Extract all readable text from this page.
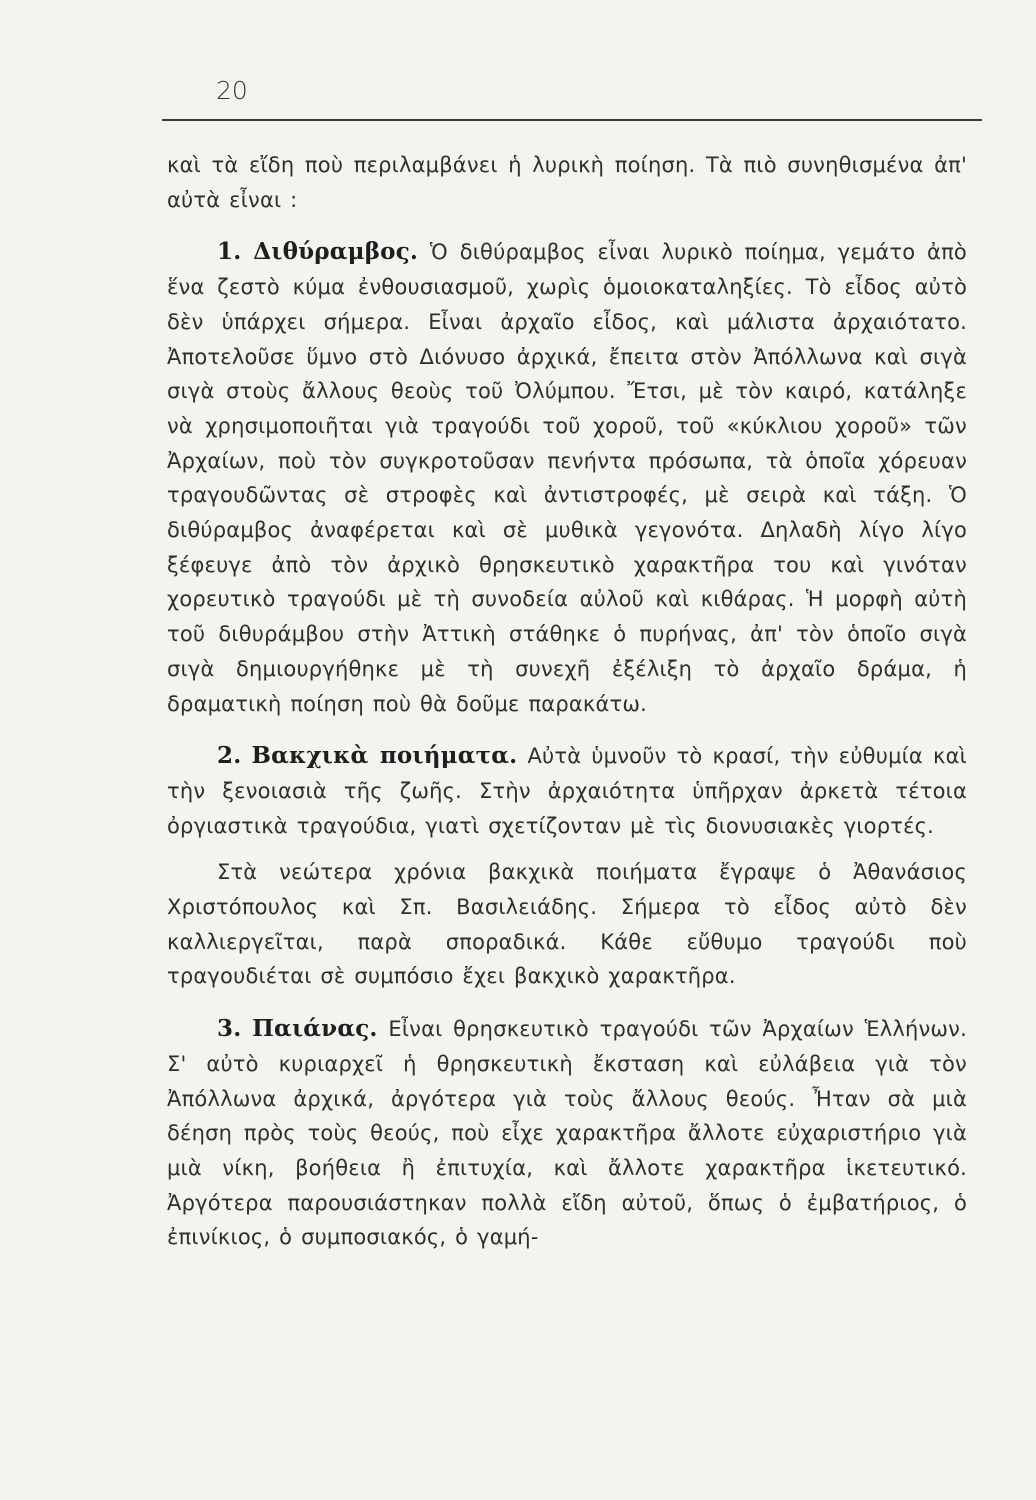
20

καὶ τὰ εἴδη ποὺ περιλαμβάνει ἡ λυρικὴ ποίηση. Τὰ πιὸ συνηθισμένα ἀπ' αὐτὰ εἶναι :

1. Διθύραμβος. Ὁ διθύραμβος εἶναι λυρικὸ ποίημα, γεμάτο ἀπὸ ἕνα ζεστὸ κύμα ἐνθουσιασμοῦ, χωρὶς ὁμοιοκαταληξίες. Τὸ εἶδος αὐτὸ δὲν ὑπάρχει σήμερα. Εἶναι ἀρχαῖο εἶδος, καὶ μάλιστα ἀρχαιότατο. Ἀποτελοῦσε ὕμνο στὸ Διόνυσο ἀρχικά, ἔπειτα στὸν Ἀπόλλωνα καὶ σιγὰ σιγὰ στοὺς ἄλλους θεοὺς τοῦ Ὀλύμπου. Ἔτσι, μὲ τὸν καιρό, κατάληξε νὰ χρησιμοποιῆται γιὰ τραγούδι τοῦ χοροῦ, τοῦ «κύκλιου χοροῦ» τῶν Ἀρχαίων, ποὺ τὸν συγκροτοῦσαν πενήντα πρόσωπα, τὰ ὁποῖα χόρευαν τραγουδῶντας σὲ στροφὲς καὶ ἀντιστροφές, μὲ σειρὰ καὶ τάξη. Ὁ διθύραμβος ἀναφέρεται καὶ σὲ μυθικὰ γεγονότα. Δηλαδὴ λίγο λίγο ξέφευγε ἀπὸ τὸν ἀρχικὸ θρησκευτικὸ χαρακτῆρα του καὶ γινόταν χορευτικὸ τραγούδι μὲ τὴ συνοδεία αὐλοῦ καὶ κιθάρας. Ἡ μορφὴ αὐτὴ τοῦ διθυράμβου στὴν Ἀττικὴ στάθηκε ὁ πυρήνας, ἀπ' τὸν ὁποῖο σιγὰ σιγὰ δημιουργήθηκε μὲ τὴ συνεχῆ ἐξέλιξη τὸ ἀρχαῖο δράμα, ἡ δραματικὴ ποίηση ποὺ θὰ δοῦμε παρακάτω.

2. Βακχικὰ ποιήματα. Αὐτὰ ὑμνοῦν τὸ κρασί, τὴν εὐθυμία καὶ τὴν ξενοιασιὰ τῆς ζωῆς. Στὴν ἀρχαιότητα ὑπῆρχαν ἀρκετὰ τέτοια ὀργιαστικὰ τραγούδια, γιατὶ σχετίζονταν μὲ τὶς διονυσιακὲς γιορτές.

Στὰ νεώτερα χρόνια βακχικὰ ποιήματα ἔγραψε ὁ Ἀθανάσιος Χριστόπουλος καὶ Σπ. Βασιλειάδης. Σήμερα τὸ εἶδος αὐτὸ δὲν καλλιεργεῖται, παρὰ σποραδικά. Κάθε εὔθυμο τραγούδι ποὺ τραγουδιέται σὲ συμπόσιο ἔχει βακχικὸ χαρακτῆρα.

3. Παιάνας. Εἶναι θρησκευτικὸ τραγούδι τῶν Ἀρχαίων Ἑλλήνων. Σ' αὐτὸ κυριαρχεῖ ἡ θρησκευτικὴ ἔκσταση καὶ εὐλάβεια γιὰ τὸν Ἀπόλλωνα ἀρχικά, ἀργότερα γιὰ τοὺς ἄλλους θεούς. Ἦταν σὰ μιὰ δέηση πρὸς τοὺς θεούς, ποὺ εἶχε χαρακτῆρα ἄλλοτε εὐχαριστήριο γιὰ μιὰ νίκη, βοήθεια ἢ ἐπιτυχία, καὶ ἄλλοτε χαρακτῆρα ἱκετευτικό. Ἀργότερα παρουσιάστηκαν πολλὰ εἴδη αὐτοῦ, ὅπως ὁ ἐμβατήριος, ὁ ἐπινίκιος, ὁ συμποσιακός, ὁ γαμή-
